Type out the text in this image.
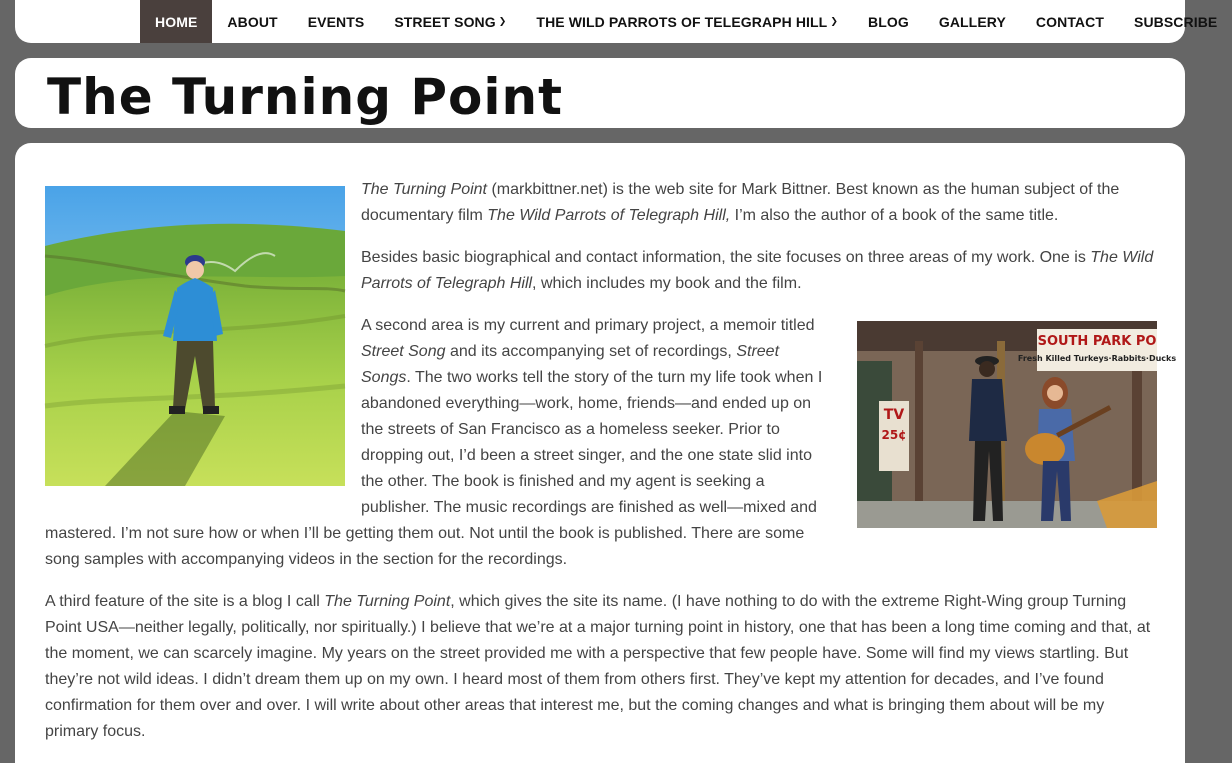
HOME ABOUT EVENTS STREET SONG ❯ THE WILD PARROTS OF TELEGRAPH HILL ❯ BLOG GALLERY CONTACT SUBSCRIBE
The Turning Point

The Turning Point (markbittner.net) is the web site for Mark Bittner. Best known as the human subject of the documentary film The Wild Parrots of Telegraph Hill, I’m also the author of a book of the same title.

Besides basic biographical and contact information, the site focuses on three areas of my work. One is The Wild Parrots of Telegraph Hill, which includes my book and the film.

SOUTH PARK PO
Fresh Killed Turkeys·Rabbits·Ducks
TV
25¢

A second area is my current and primary project, a memoir titled Street Song and its accompanying set of recordings, Street Songs. The two works tell the story of the turn my life took when I abandoned everything—work, home, friends—and ended up on the streets of San Francisco as a homeless seeker. Prior to dropping out, I’d been a street singer, and the one state slid into the other. The book is finished and my agent is seeking a publisher. The music recordings are finished as well—mixed and mastered. I’m not sure how or when I’ll be getting them out. Not until the book is published. There are some song samples with accompanying videos in the section for the recordings.

A third feature of the site is a blog I call The Turning Point, which gives the site its name. (I have nothing to do with the extreme Right-Wing group Turning Point USA—neither legally, politically, nor spiritually.) I believe that we’re at a major turning point in history, one that has been a long time coming and that, at the moment, we can scarcely imagine. My years on the street provided me with a perspective that few people have. Some will find my views startling. But they’re not wild ideas. I didn’t dream them up on my own. I heard most of them from others first. They’ve kept my attention for decades, and I’ve found confirmation for them over and over. I will write about other areas that interest me, but the coming changes and what is bringing them about will be my primary focus.
